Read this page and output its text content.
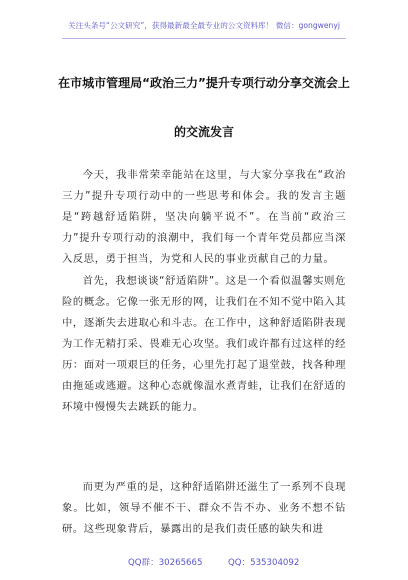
关注头条号“公文研究”，获得最新最全最专业的公文资料库！ 微信：gongwenyj
在市城市管理局“政治三力”提升专项行动分享交流会上
的交流发言

今天，我非常荣幸能站在这里，与大家分享我在“政治三力”提升专项行动中的一些思考和体会。我的发言主题是“跨越舒适陷阱，坚决向躺平说不”。在当前“政治三力”提升专项行动的浪潮中，我们每一个青年党员都应当深入反思，勇于担当，为党和人民的事业贡献自己的力量。

首先，我想谈谈“舒适陷阱”。这是一个看似温馨实则危险的概念。它像一张无形的网，让我们在不知不觉中陷入其中，逐渐失去进取心和斗志。在工作中，这种舒适陷阱表现为工作无精打采、畏难无心攻坚。我们或许都有过这样的经历：面对一项艰巨的任务，心里先打起了退堂鼓，找各种理由拖延或逃避。这种心态就像温水煮青蛙，让我们在舒适的环境中慢慢失去跳跃的能力。

而更为严重的是，这种舒适陷阱还滋生了一系列不良现象。比如，领导不催不干、群众不告不办、业务不想不钻研。这些现象背后，暴露出的是我们责任感的缺失和进

QQ群：30265665	QQ：535304092
